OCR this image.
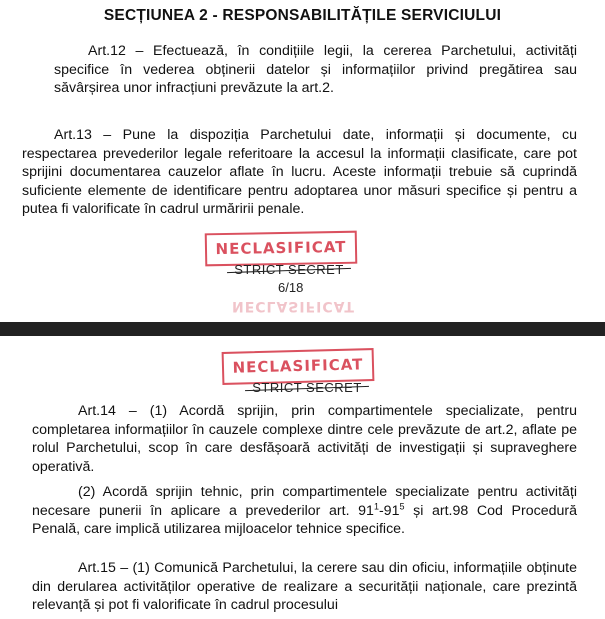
SECȚIUNEA 2 - RESPONSABILITĂȚILE SERVICIULUI

Art.12 – Efectuează, în condițiile legii, la cererea Parchetului, activități specifice în vederea obținerii datelor și informațiilor privind pregătirea sau săvârșirea unor infracțiuni prevăzute la art.2.

Art.13 – Pune la dispoziția Parchetului date, informații și documente, cu respectarea prevederilor legale referitoare la accesul la informații clasificate, care pot sprijini documentarea cauzelor aflate în lucru. Aceste informații trebuie să cuprindă suficiente elemente de identificare pentru adoptarea unor măsuri specifice și pentru a putea fi valorificate în cadrul urmăririi penale.

NECLASIFICAT
STRICT SECRET
6/18
NECLASIFICAT
NECLASIFICAT
STRICT SECRET

Art.14 – (1) Acordă sprijin, prin compartimentele specializate, pentru completarea informațiilor în cauzele complexe dintre cele prevăzute de art.2, aflate pe rolul Parchetului, scop în care desfășoară activități de investigații și supraveghere operativă.

(2) Acordă sprijin tehnic, prin compartimentele specializate pentru activități necesare punerii în aplicare a prevederilor art. $91^1-91^5$ și art.98 Cod Procedură Penală, care implică utilizarea mijloacelor tehnice specifice.

Art.15 – (1) Comunică Parchetului, la cerere sau din oficiu, informațiile obținute din derularea activităților operative de realizare a securității naționale, care prezintă relevanță și pot fi valorificate în cadrul procesului
